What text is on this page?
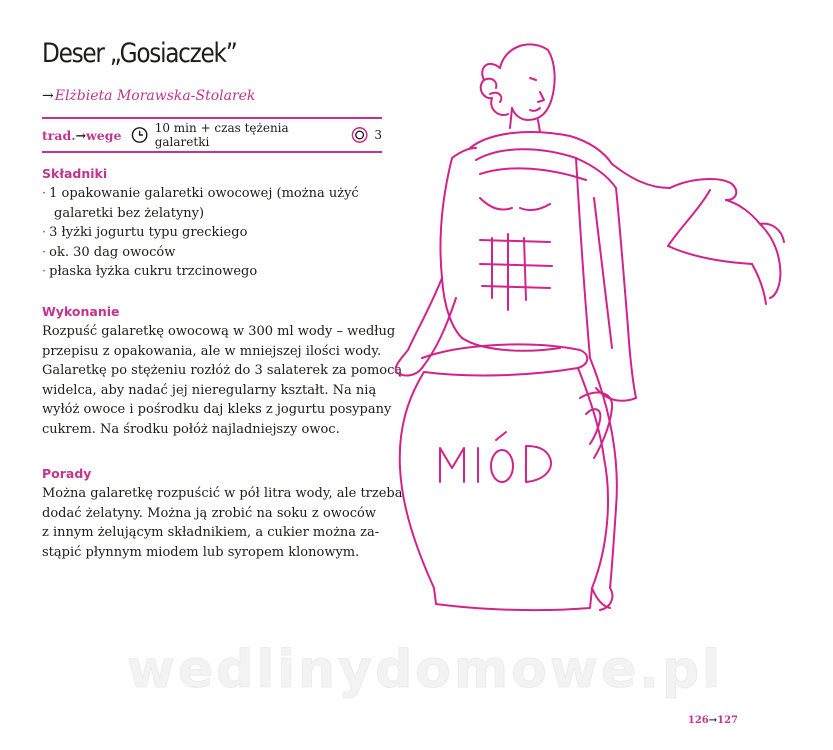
Deser „Gosiaczek”
→Elżbieta Morawska-Stolarek
trad.→wege	10 min + czas tężenia galaretki	3
Składniki
· 1 opakowanie galaretki owocowej (można użyć
galaretki bez żelatyny)
· 3 łyżki jogurtu typu greckiego
· ok. 30 dag owoców
· płaska łyżka cukru trzcinowego
Wykonanie
Rozpuść galaretkę owocową w 300 ml wody – według
przepisu z opakowania, ale w mniejszej ilości wody.
Galaretkę po stężeniu rozłóż do 3 salaterek za pomocą
widelca, aby nadać jej nieregularny kształt. Na nią
wyłóż owoce i pośrodku daj kleks z jogurtu posypany
cukrem. Na środku połóż najladniejszy owoc.
Porady
Można galaretkę rozpuścić w pół litra wody, ale trzeba
dodać żelatyny. Można ją zrobić na soku z owoców
z innym żelującym składnikiem, a cukier można za-
stąpić płynnym miodem lub syropem klonowym.
wedlinydomowe.pl
126→127
